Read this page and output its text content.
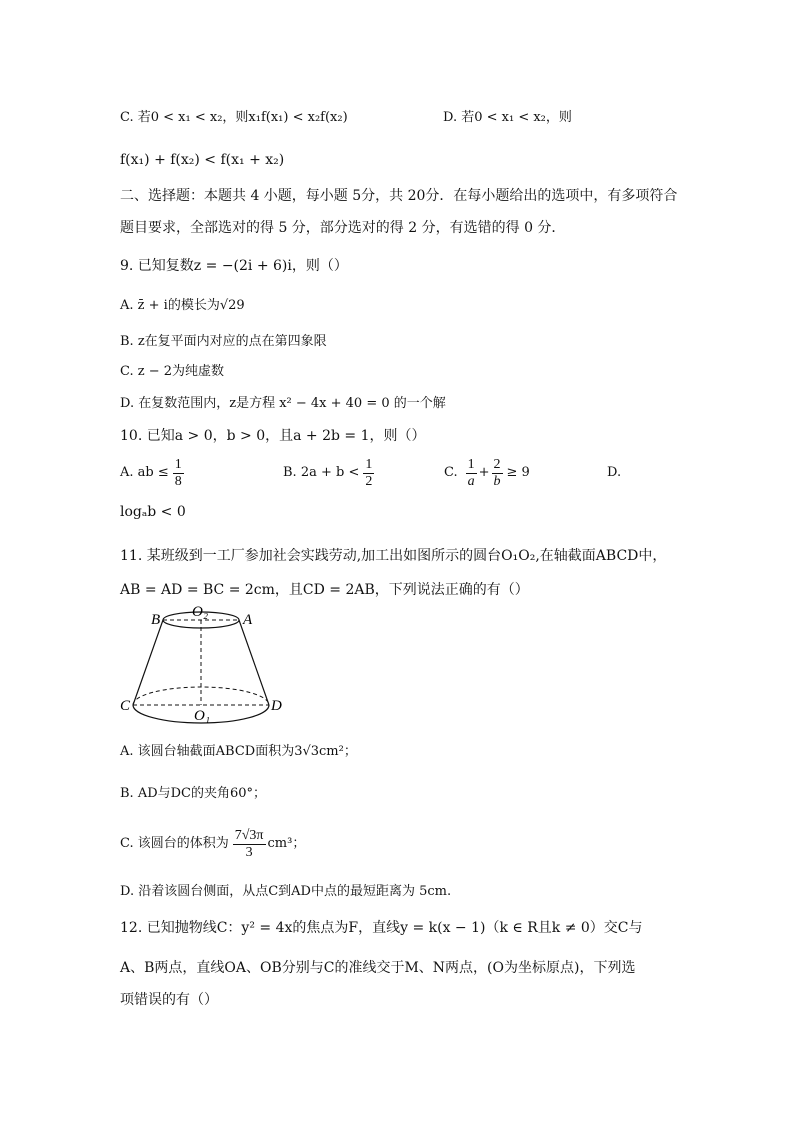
C. 若0 < x₁ < x₂，则x₁f(x₁) < x₂f(x₂)	D. 若0 < x₁ < x₂，则
f(x₁) + f(x₂) < f(x₁ + x₂)
二、选择题：本题共 4 小题，每小题 5分，共 20分．在每小题给出的选项中，有多项符合
题目要求，全部选对的得 5 分，部分选对的得 2 分，有选错的得 0 分．
9. 已知复数z = −(2i + 6)i，则（）
A. z̄ + i的模长为√29
B. z在复平面内对应的点在第四象限
C. z − 2为纯虚数
D. 在复数范围内，z是方程 x² − 4x + 40 = 0 的一个解
10. 已知a > 0，b > 0，且a + 2b = 1，则（）
A. ab ≤ $\frac{1}{8}$	B. $2a + b < \frac{1}{2}$	C. $\frac{1}{a} + \frac{2}{b} \ge 9$	D.
logₐb < 0
11. 某班级到一工厂参加社会实践劳动,加工出如图所示的圆台O₁O₂,在轴截面ABCD中，
AB = AD = BC = 2cm，且CD = 2AB，下列说法正确的有（）
B O₂ A
C
O₁
D
A. 该圆台轴截面ABCD面积为3√3cm²；
B. AD与DC的夹角60°；
C. 该圆台的体积为 $\frac{7√3\pi}{3} cm^3$；
D. 沿着该圆台侧面，从点C到AD中点的最短距离为 5cm.
12. 已知抛物线C：y² = 4x的焦点为F，直线y = k(x − 1)（k ∈ R且k ≠ 0）交C与
A、B两点，直线OA、OB分别与C的准线交于M、N两点，(O为坐标原点)，下列选
项错误的有（）
